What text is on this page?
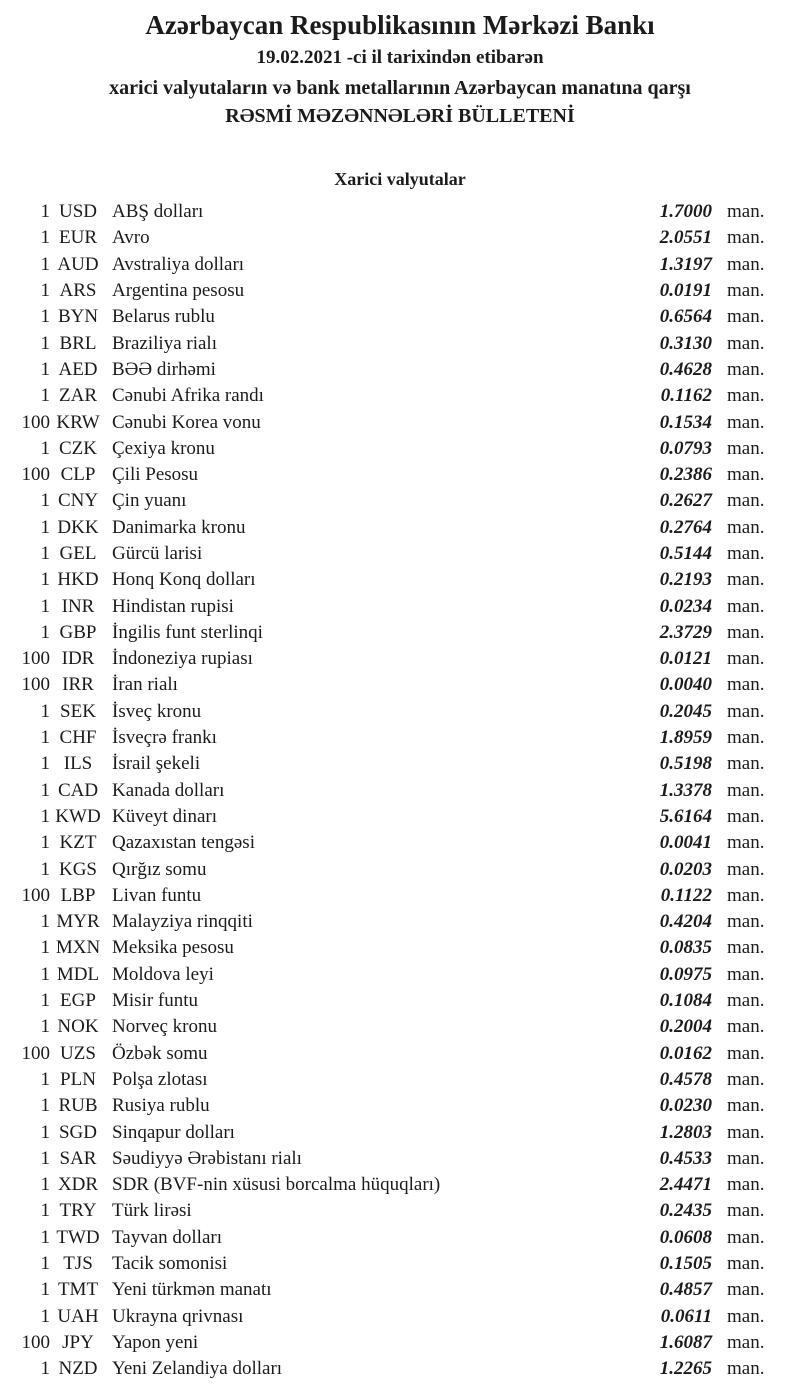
Azərbaycan Respublikasının Mərkəzi Bankı
19.02.2021 -ci il tarixindən etibarən
xarici valyutaların və bank metallarının Azərbaycan manatına qarşı
RƏSMİ MƏZƏNNƏLƏRİ BÜLLETENİ
Xarici valyutalar
1 USD ABŞ dolları	1.7000 man.
1 EUR Avro	2.0551 man.
1 AUD Avstraliya dolları	1.3197 man.
1 ARS Argentina pesosu	0.0191 man.
1 BYN Belarus rublu	0.6564 man.
1 BRL Braziliya rialı	0.3130 man.
1 AED BƏƏ dirhəmi	0.4628 man.
1 ZAR Cənubi Afrika randı	0.1162 man.
100 KRW Cənubi Korea vonu	0.1534 man.
1 CZK Çexiya kronu	0.0793 man.
100 CLP Çili Pesosu	0.2386 man.
1 CNY Çin yuanı	0.2627 man.
1 DKK Danimarka kronu	0.2764 man.
1 GEL Gürcü larisi	0.5144 man.
1 HKD Honq Konq dolları	0.2193 man.
1 INR Hindistan rupisi	0.0234 man.
1 GBP İngilis funt sterlinqi	2.3729 man.
100 IDR İndoneziya rupiası	0.0121 man.
100 IRR İran rialı	0.0040 man.
1 SEK İsveç kronu	0.2045 man.
1 CHF İsveçrə frankı	1.8959 man.
1 ILS	İsrail şekeli	0.5198 man.
1 CAD Kanada dolları	1.3378 man.
1 KWD Küveyt dinarı	5.6164 man.
1 KZT Qazaxıstan tengəsi	0.0041 man.
1 KGS Qırğız somu	0.0203 man.
100 LBP Livan funtu	0.1122 man.
1 MYR Malayziya rinqqiti	0.4204 man.
1 MXN Meksika pesosu	0.0835 man.
1 MDL Moldova leyi	0.0975 man.
1 EGP Misir funtu	0.1084 man.
1 NOK Norveç kronu	0.2004 man.
100 UZS Özbək somu	0.0162 man.
1 PLN Polşa zlotası	0.4578 man.
1 RUB Rusiya rublu	0.0230 man.
1 SGD Sinqapur dolları	1.2803 man.
1 SAR Səudiyyə Ərəbistanı rialı	0.4533 man.
1 XDR SDR (BVF-nin xüsusi borcalma hüquqları)	2.4471 man.
1 TRY Türk lirəsi	0.2435 man.
1 TWD Tayvan dolları	0.0608 man.
1 TJS	Tacik somonisi	0.1505 man.
1 TMT Yeni türkmən manatı	0.4857 man.
1 UAH Ukrayna qrivnası	0.0611 man.
100 JPY Yapon yeni	1.6087 man.
1 NZD Yeni Zelandiya dolları	1.2265 man.
